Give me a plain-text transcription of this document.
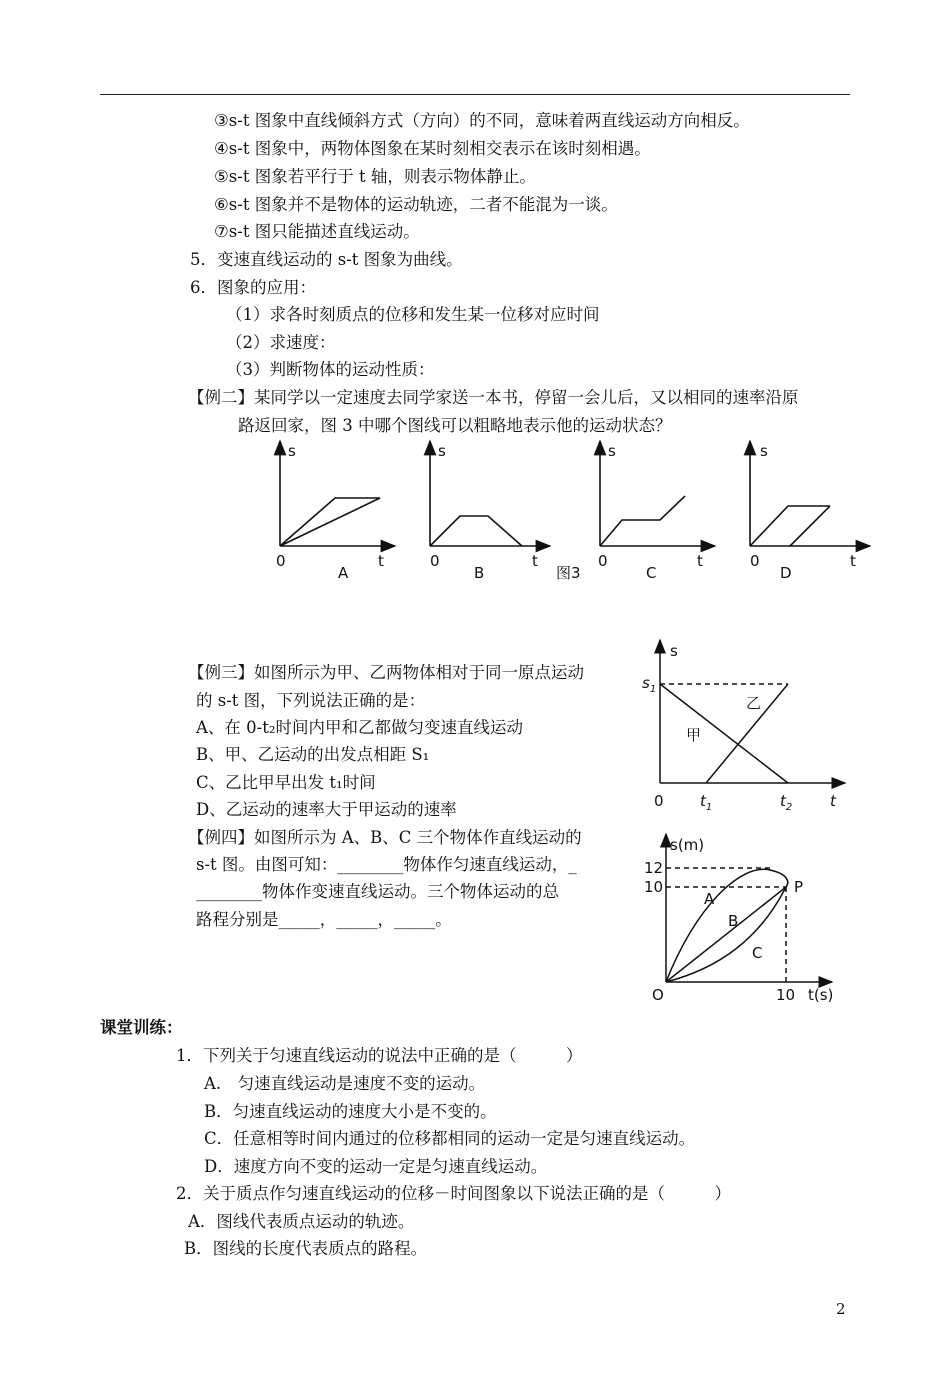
③s-t 图象中直线倾斜方式（方向）的不同，意味着两直线运动方向相反。
④s-t 图象中，两物体图象在某时刻相交表示在该时刻相遇。
⑤s-t 图象若平行于 t 轴，则表示物体静止。
⑥s-t 图象并不是物体的运动轨迹，二者不能混为一谈。
⑦s-t 图只能描述直线运动。
5．变速直线运动的 s-t 图象为曲线。
6．图象的应用：
（1）求各时刻质点的位移和发生某一位移对应时间
（2）求速度：
（3）判断物体的运动性质：
【例二】某同学以一定速度去同学家送一本书，停留一会儿后，又以相同的速率沿原
路返回家，图 3 中哪个图线可以粗略地表示他的运动状态？
s
0	t
A
s
0	t
B	图3
s
0	t
C
s
0	t
D
【例三】如图所示为甲、乙两物体相对于同一原点运动
的 s-t 图，下列说法正确的是：
A、在 0-t₂时间内甲和乙都做匀变速直线运动
B、甲、乙运动的出发点相距 S₁
C、乙比甲早出发 t₁时间
D、乙运动的速率大于甲运动的速率
s
$s_1$
乙
甲
0 $t_1$	$t_2$	t
【例四】如图所示为 A、B、C 三个物体作直线运动的
s-t 图。由图可知：________物体作匀速直线运动，_
________物体作变速直线运动。三个物体运动的总
路程分别是_____，_____，_____。
s(m)
12
10	P
A
B
C
O	10 t(s)
课堂训练：
1．下列关于匀速直线运动的说法中正确的是（　　　）
A.　匀速直线运动是速度不变的运动。
B．匀速直线运动的速度大小是不变的。
C．任意相等时间内通过的位移都相同的运动一定是匀速直线运动。
D．速度方向不变的运动一定是匀速直线运动。
2．关于质点作匀速直线运动的位移－时间图象以下说法正确的是（　　　）
A．图线代表质点运动的轨迹。
B．图线的长度代表质点的路程。
2
